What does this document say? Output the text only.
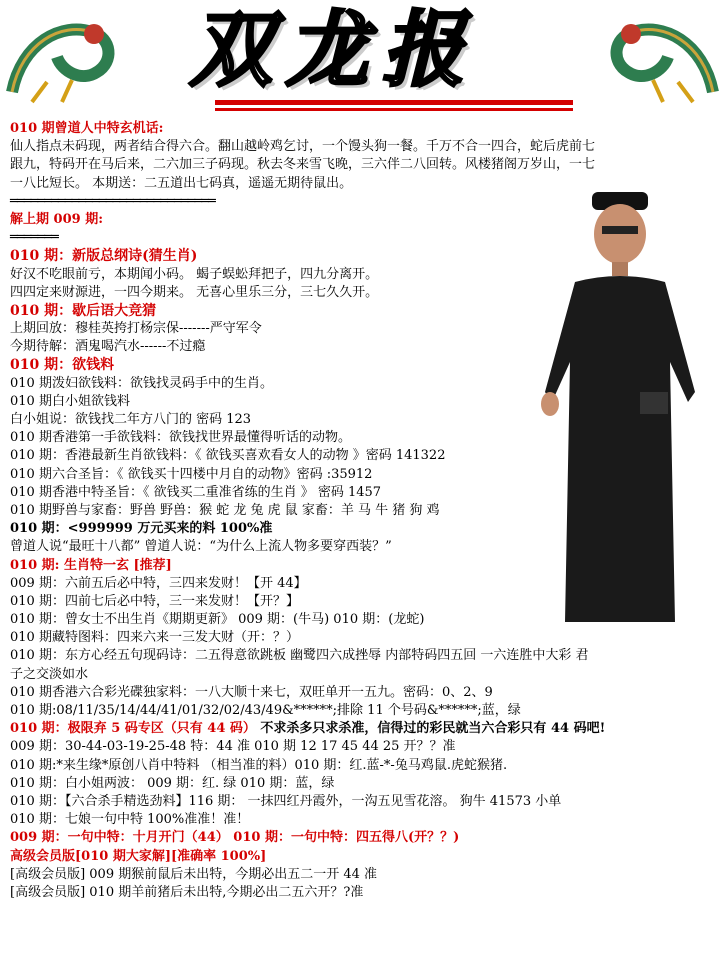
双龙报
010 期曾道人中特玄机话:
仙人指点未码现，两者结合得六合。翻山越岭鸡乞讨，一个馒头狗一餐。千万不合一四合，蛇后虎前七
跟九，特码开在马后来，二六加三子码现。秋去冬来雪飞晚，三六伴二八回转。风楼猪阁万岁山，一七
一八比短长。 本期送：二五道出七码真，遥遥无期待鼠出。
══════════════════════════════
解上期 009 期:
═══════
010 期：新版总纲诗(猜生肖)
好汉不吃眼前亏，本期闻小码。 蝎子蜈蚣拜把子，四九分离开。
四四定来财源进，一四今期来。 无喜心里乐三分，三七久久开。
010 期：歇后语大竞猜
上期回放：穆桂英挎打杨宗保-------严守军令
今期待解：酒鬼喝汽水------不过瘾
010 期：欲钱料
010 期泼妇欲钱料：欲钱找灵码手中的生肖。
010 期白小姐欲钱料
白小姐说：欲钱找二年方八门的 密码 123
010 期香港第一手欲钱料：欲钱找世界最懂得听话的动物。
010 期：香港最新生肖欲钱料：《 欲钱买喜欢看女人的动物 》密码 141322
010 期六合圣旨：《 欲钱买十四楼中月自的动物》密码 :35912
010 期香港中特圣旨：《 欲钱买二重准省练的生肖 》 密码 1457
010 期野兽与家畜：野兽 野兽：猴 蛇 龙 兔 虎 鼠 家畜：羊 马 牛 猪 狗 鸡
010 期：<999999 万元买来的料 100%准
曾道人说“最旺十八都” 曾道人说：“为什么上流人物多要穿西装？”
010 期: 生肖特一玄 [推荐]
009 期：六前五后必中特，三四来发财！【开 44】
010 期：四前七后必中特，三一来发财！【开？】
010 期：曾女士不出生肖《期期更新》 009 期：(牛马) 010 期：(龙蛇)
010 期藏特图料：四来六来一三发大财（开：？）
010 期：东方心经五句现码诗：二五得意欲跳板 幽鹭四六成挫辱 内部特码四五回 一六连胜中大彩 君
子之交淡如水
010 期香港六合彩光碟独家料：一八大顺十来七，双旺单开一五九。密码：0、2、9
010 期:08/11/35/14/44/41/01/32/02/43/49&******;排除 11 个号码&******;蓝，绿
010 期：极限弃 5 码专区（只有 44 码） 不求杀多只求杀准，信得过的彩民就当六合彩只有 44 码吧!
009 期：30-44-03-19-25-48 特：44 准 010 期 12 17 45 44 25 开？？准
010 期:*来生缘*原创八肖中特料 （相当准的料）010 期：红.蓝-*-兔马鸡鼠.虎蛇猴猪.
010 期：白小姐两波： 009 期：红. 绿 010 期：蓝，绿
010 期：【六合杀手精选劲料】116 期： 一抹四红丹霞外，一沟五见雪花溶。 狗牛 41573 小单
010 期：七娘一句中特 100%准准！准！
009 期：一句中特：十月开门（44） 010 期：一句中特：四五得八(开？？)
高级会员版[010 期大家解][准确率 100%]
[高级会员版] 009 期猴前鼠后未出特，今期必出五二一开 44 准
[高级会员版] 010 期羊前猪后未出特,今期必出二五六开？?准
